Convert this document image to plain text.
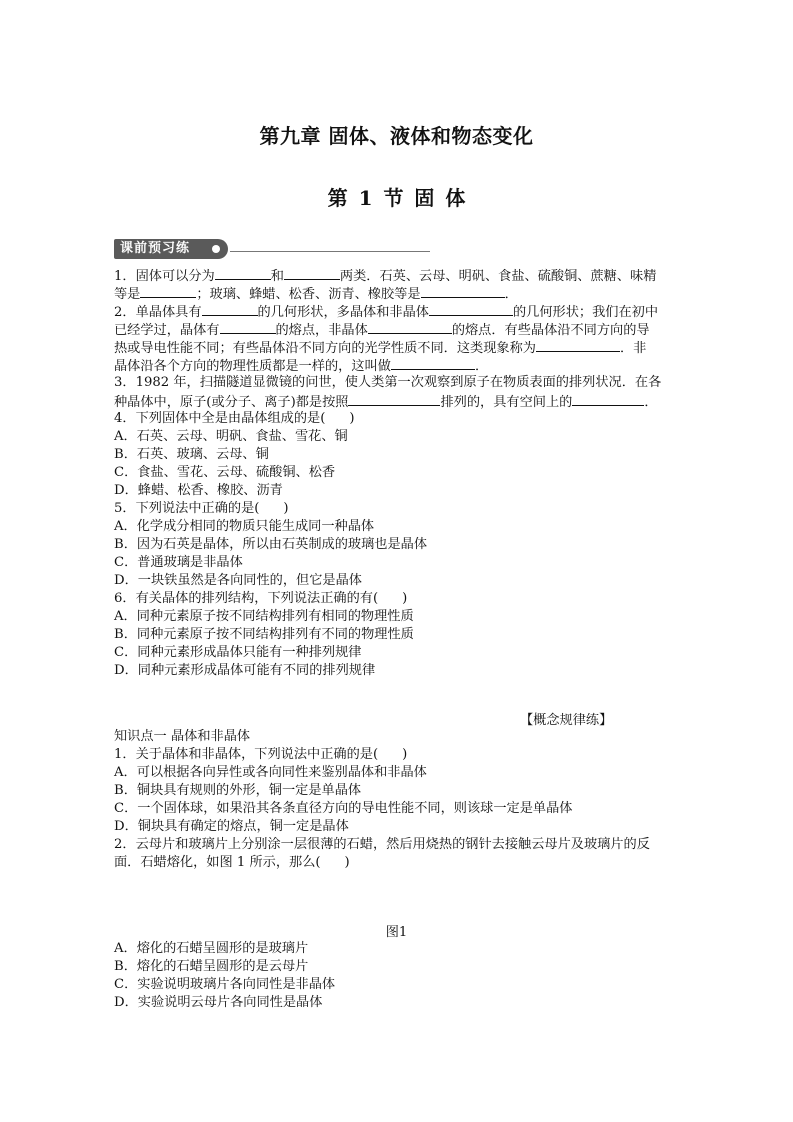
第九章 固体、液体和物态变化
第 1 节 固 体
课前预习练
1．固体可以分为	和	两类．石英、云母、明矾、食盐、硫酸铜、蔗糖、味精
等是	；玻璃、蜂蜡、松香、沥青、橡胶等是	．
2．单晶体具有	的几何形状，多晶体和非晶体	的几何形状；我们在初中
已经学过，晶体有	的熔点，非晶体	的熔点．有些晶体沿不同方向的导
热或导电性能不同；有些晶体沿不同方向的光学性质不同．这类现象称为	．非
晶体沿各个方向的物理性质都是一样的，这叫做	．
3．1982 年，扫描隧道显微镜的问世，使人类第一次观察到原子在物质表面的排列状况．在各
种晶体中，原子(或分子、离子)都是按照	排列的，具有空间上的	．
4．下列固体中全是由晶体组成的是( )
A．石英、云母、明矾、食盐、雪花、铜
B．石英、玻璃、云母、铜
C．食盐、雪花、云母、硫酸铜、松香
D．蜂蜡、松香、橡胶、沥青
5．下列说法中正确的是( )
A．化学成分相同的物质只能生成同一种晶体
B．因为石英是晶体，所以由石英制成的玻璃也是晶体
C．普通玻璃是非晶体
D．一块铁虽然是各向同性的，但它是晶体
6．有关晶体的排列结构，下列说法正确的有( )
A．同种元素原子按不同结构排列有相同的物理性质
B．同种元素原子按不同结构排列有不同的物理性质
C．同种元素形成晶体只能有一种排列规律
D．同种元素形成晶体可能有不同的排列规律
【概念规律练】
知识点一 晶体和非晶体
1．关于晶体和非晶体，下列说法中正确的是( )
A．可以根据各向异性或各向同性来鉴别晶体和非晶体
B．铜块具有规则的外形，铜一定是单晶体
C．一个固体球，如果沿其各条直径方向的导电性能不同，则该球一定是单晶体
D．铜块具有确定的熔点，铜一定是晶体
2．云母片和玻璃片上分别涂一层很薄的石蜡，然后用烧热的钢针去接触云母片及玻璃片的反
面．石蜡熔化，如图 1 所示，那么( )
图1
A．熔化的石蜡呈圆形的是玻璃片
B．熔化的石蜡呈圆形的是云母片
C．实验说明玻璃片各向同性是非晶体
D．实验说明云母片各向同性是晶体
